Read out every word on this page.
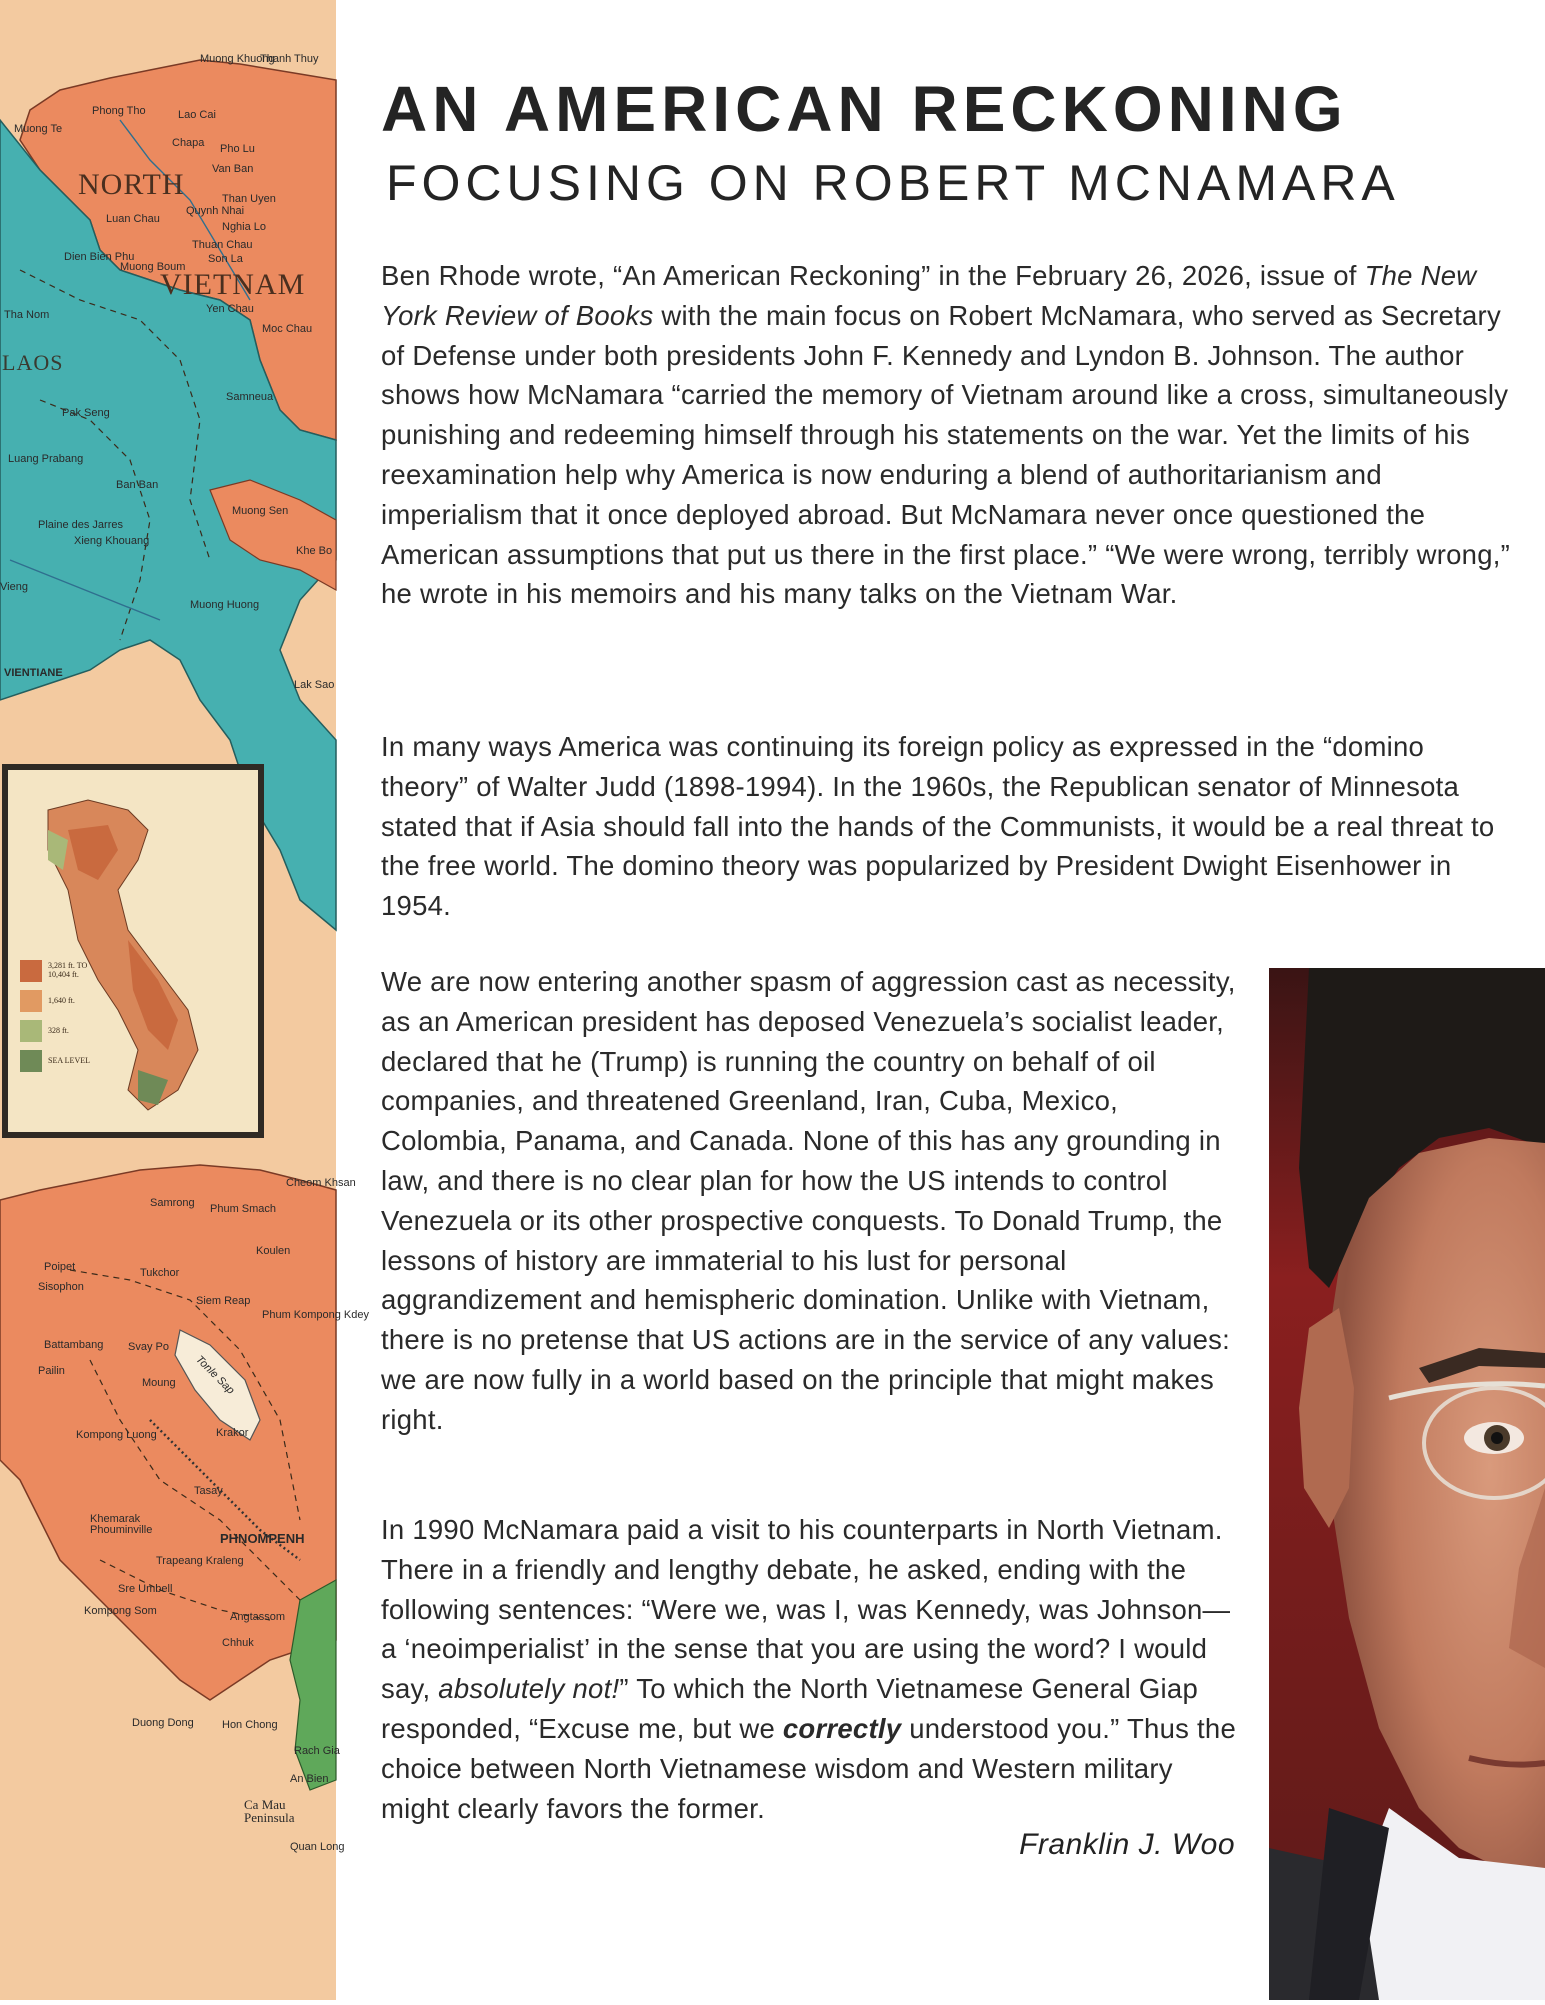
NORTH
VIETNAM
LAOS
Muong Khuong
Thanh Thuy
Phong Tho	Lao Cai
Muong Te
Chapa Pho Lu
Van Ban
Than Uyen
Quynh Nhai
Luan Chau
Nghia Lo
Thuan Chau
Son La
Dien Bien Phu
Muong Boum
Yen Chau
Moc Chau
Tha Nom
Samneua
Pak Seng
Luang Prabang
Ban Ban
Plaine des Jarres
Xieng Khouang
Muong Sen
Khe Bo
Vieng
Muong Huong
VIENTIANE
Lak Sao
3,281 ft. TO 10,404 ft.
1,640 ft.
328 ft.
SEA LEVEL
Samrong Phum Smach
Cheom Khsan
Koulen
Poipet
Sisophon
Tukchor
Siem Reap
Phum Kompong Kdey
Battambang Svay Po
Pailin
Moung Tonle Sap
Kompong Luong	Krakor
Tasay
Khemarak Phouminville
PHNOMPENH
Trapeang Kraleng
Sre Umbell
Kompong Som	Angtassom
Chhuk
Duong Dong	Hon Chong
Rach Gia
An Bien
Ca Mau Peninsula
Quan Long
AN AMERICAN RECKONING
FOCUSING ON ROBERT MCNAMARA

Ben Rhode wrote, “An American Reckoning” in the February 26, 2026, issue of The New York Review of Books with the main focus on Robert McNamara, who served as Secretary of Defense under both presidents John F. Kennedy and Lyndon B. Johnson. The author shows how McNamara “carried the memory of Vietnam around like a cross, simultaneously punishing and redeeming himself through his statements on the war. Yet the limits of his reexamination help why America is now enduring a blend of authoritarianism and imperialism that it once deployed abroad. But McNamara never once questioned the American assumptions that put us there in the first place.” “We were wrong, terribly wrong,” he wrote in his memoirs and his many talks on the Vietnam War.

In many ways America was continuing its foreign policy as expressed in the “domino theory” of Walter Judd (1898-1994). In the 1960s, the Republican senator of Minnesota stated that if Asia should fall into the hands of the Communists, it would be a real threat to the free world. The domino theory was popularized by President Dwight Eisenhower in 1954.

We are now entering another spasm of aggression cast as necessity, as an American president has deposed Venezuela’s socialist leader, declared that he (Trump) is running the country on behalf of oil companies, and threatened Greenland, Iran, Cuba, Mexico, Colombia, Panama, and Canada. None of this has any grounding in law, and there is no clear plan for how the US intends to control Venezuela or its other prospective conquests. To Donald Trump, the lessons of history are immaterial to his lust for personal aggrandizement and hemispheric domination. Unlike with Vietnam, there is no pretense that US actions are in the service of any values: we are now fully in a world based on the principle that might makes right.

In 1990 McNamara paid a visit to his counterparts in North Vietnam. There in a friendly and lengthy debate, he asked, ending with the following sentences: “Were we, was I, was Kennedy, was Johnson—a ‘neoimperialist’ in the sense that you are using the word? I would say, absolutely not!” To which the North Vietnamese General Giap responded, “Excuse me, but we correctly understood you.” Thus the choice between North Vietnamese wisdom and Western military might clearly favors the former.

Franklin J. Woo
